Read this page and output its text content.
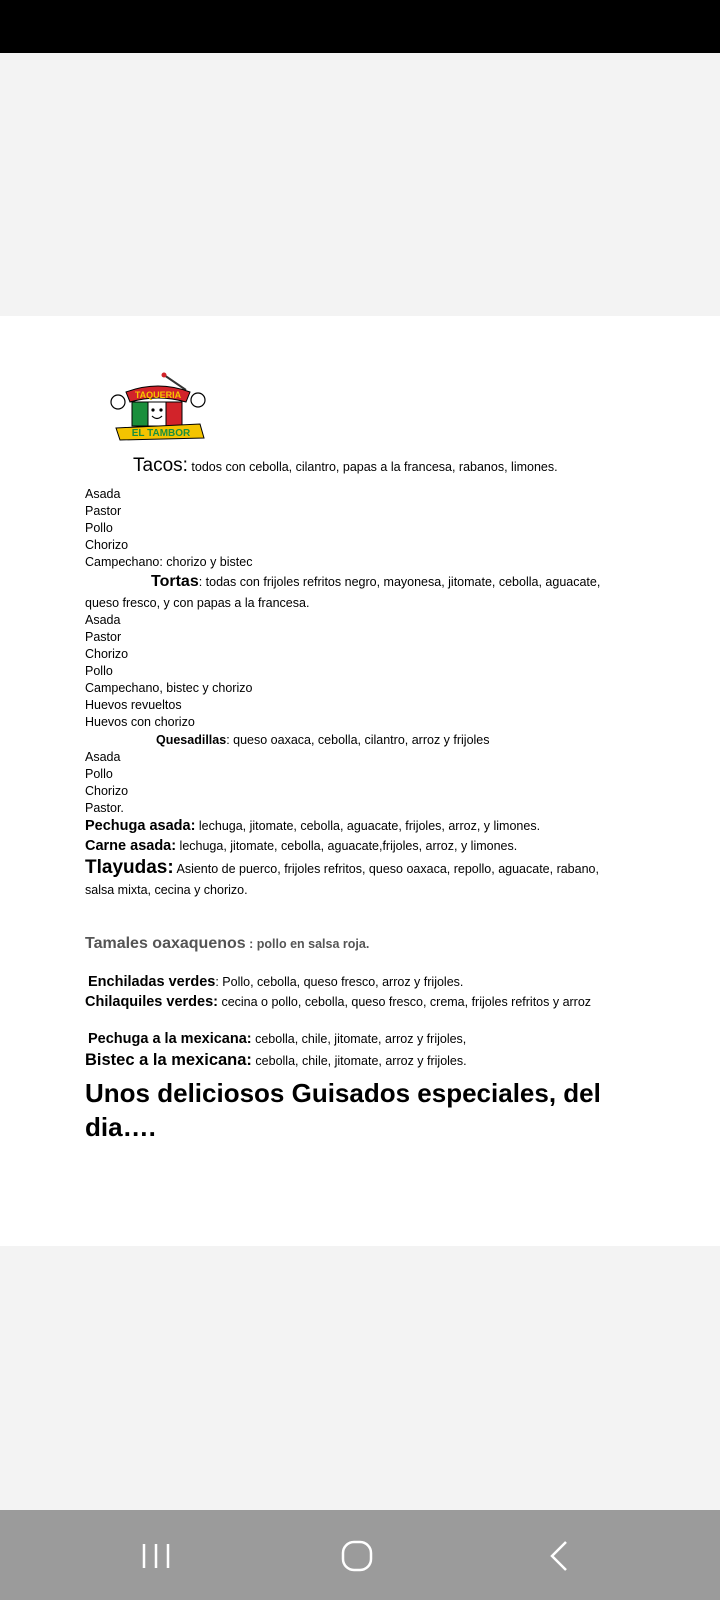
TAQUERIA
EL TAMBOR
Tacos: todos con cebolla, cilantro, papas a la francesa, rabanos, limones.
Asada
Pastor
Pollo
Chorizo
Campechano: chorizo y bistec
Tortas: todas con frijoles refritos negro, mayonesa, jitomate, cebolla, aguacate,
queso fresco, y con papas a la francesa.
Asada
Pastor
Chorizo
Pollo
Campechano, bistec y chorizo
Huevos revueltos
Huevos con chorizo
Quesadillas: queso oaxaca, cebolla, cilantro, arroz y frijoles
Asada
Pollo
Chorizo
Pastor.
Pechuga asada: lechuga, jitomate, cebolla, aguacate, frijoles, arroz, y limones.
Carne asada: lechuga, jitomate, cebolla, aguacate,frijoles, arroz, y limones.
Tlayudas: Asiento de puerco, frijoles refritos, queso oaxaca, repollo, aguacate, rabano,
salsa mixta, cecina y chorizo.
Tamales oaxaquenos : pollo en salsa roja.
Enchiladas verdes: Pollo, cebolla, queso fresco, arroz y frijoles.
Chilaquiles verdes: cecina o pollo, cebolla, queso fresco, crema, frijoles refritos y arroz
Pechuga a la mexicana: cebolla, chile, jitomate, arroz y frijoles,
Bistec a la mexicana: cebolla, chile, jitomate, arroz y frijoles.
Unos deliciosos Guisados especiales, del dia….
